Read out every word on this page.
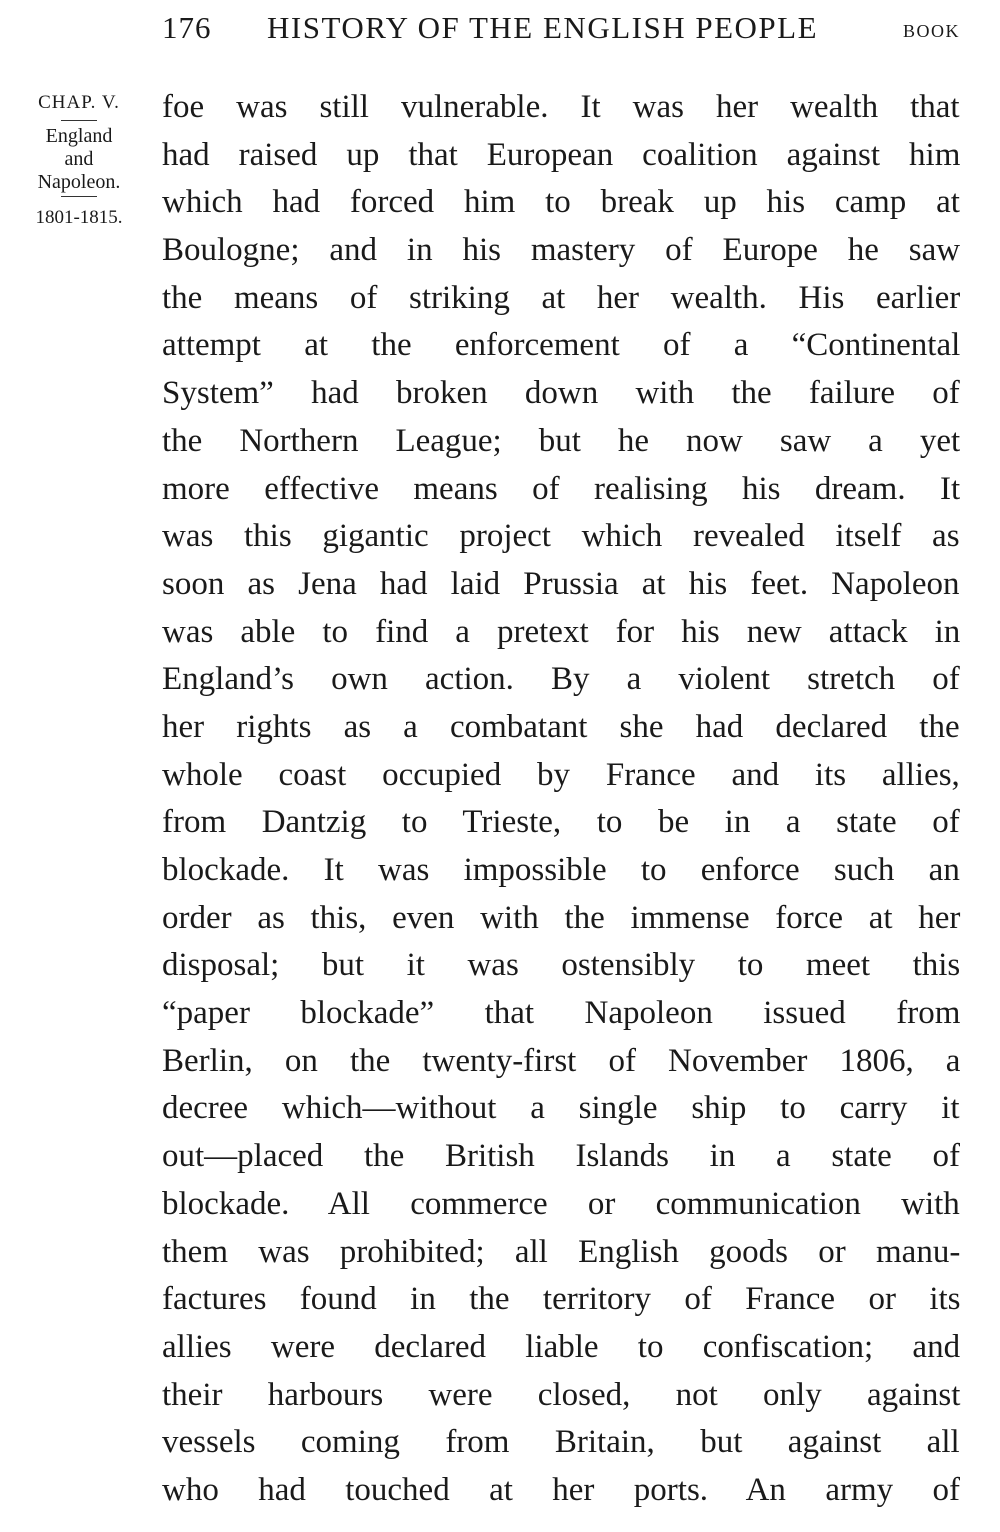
176 HISTORY OF THE ENGLISH PEOPLE	BOOK
CHAP. V.
England
and
Napoleon.
1801-1815.
foe was still vulnerable. It was her wealth that
had raised up that European coalition against him
which had forced him to break up his camp at
Boulogne; and in his mastery of Europe he saw
the means of striking at her wealth. His earlier
attempt at the enforcement of a “Continental
System” had broken down with the failure of
the Northern League; but he now saw a yet
more effective means of realising his dream. It
was this gigantic project which revealed itself as
soon as Jena had laid Prussia at his feet. Napoleon
was able to find a pretext for his new attack in
England’s own action. By a violent stretch of
her rights as a combatant she had declared the
whole coast occupied by France and its allies,
from Dantzig to Trieste, to be in a state of
blockade. It was impossible to enforce such an
order as this, even with the immense force at her
disposal; but it was ostensibly to meet this
“paper blockade” that Napoleon issued from
Berlin, on the twenty-first of November 1806, a
decree which—without a single ship to carry it
out—placed the British Islands in a state of
blockade. All commerce or communication with
them was prohibited; all English goods or manu-
factures found in the territory of France or its
allies were declared liable to confiscation; and
their harbours were closed, not only against
vessels coming from Britain, but against all
who had touched at her ports. An army of
